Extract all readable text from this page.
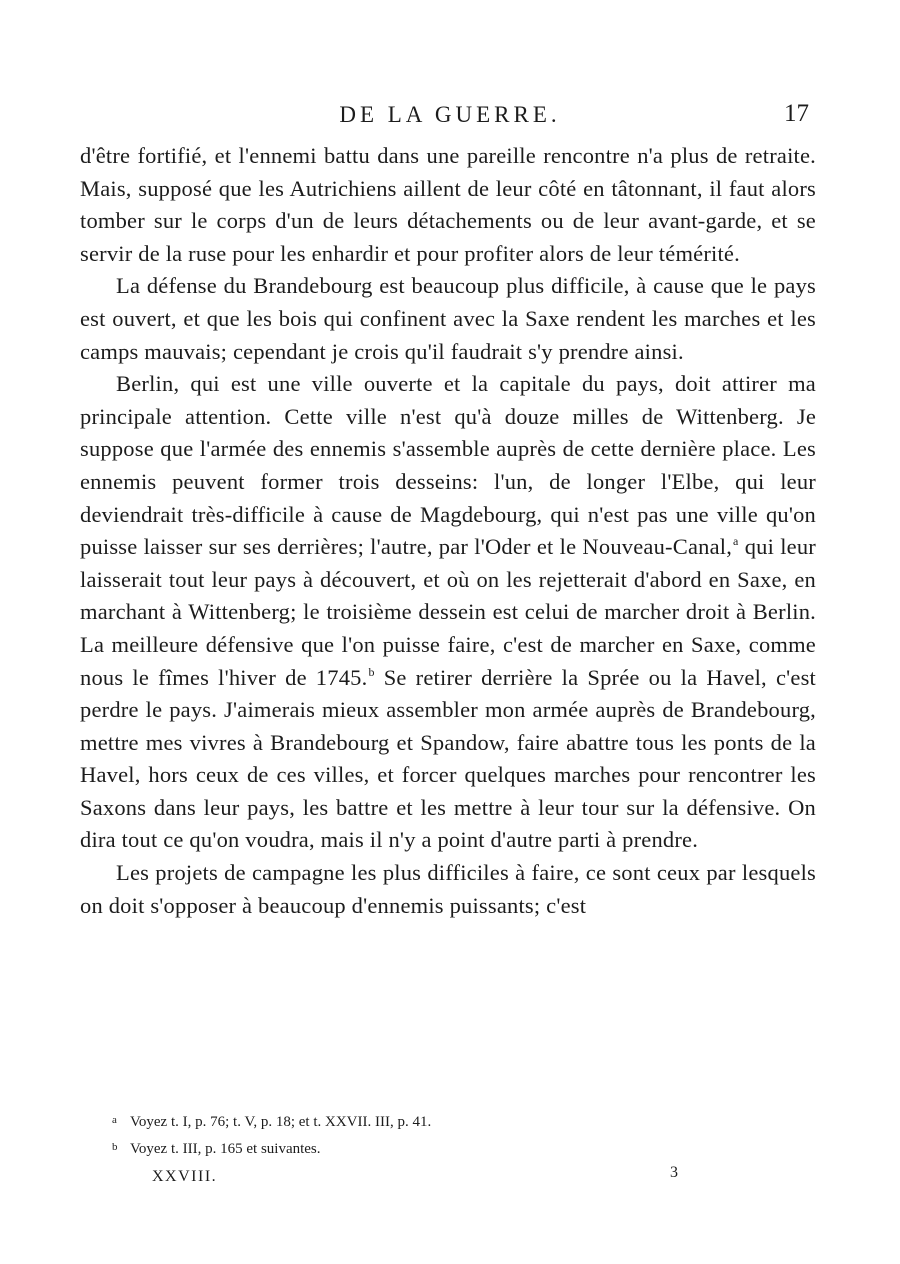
DE LA GUERRE.	17

d'être fortifié, et l'ennemi battu dans une pareille rencontre n'a plus de retraite. Mais, supposé que les Autrichiens aillent de leur côté en tâtonnant, il faut alors tomber sur le corps d'un de leurs détachements ou de leur avant-garde, et se servir de la ruse pour les enhardir et pour profiter alors de leur témérité.

La défense du Brandebourg est beaucoup plus difficile, à cause que le pays est ouvert, et que les bois qui confinent avec la Saxe rendent les marches et les camps mauvais; cependant je crois qu'il faudrait s'y prendre ainsi.

Berlin, qui est une ville ouverte et la capitale du pays, doit attirer ma principale attention. Cette ville n'est qu'à douze milles de Wittenberg. Je suppose que l'armée des ennemis s'assemble auprès de cette dernière place. Les ennemis peuvent former trois desseins: l'un, de longer l'Elbe, qui leur deviendrait très-difficile à cause de Magdebourg, qui n'est pas une ville qu'on puisse laisser sur ses derrières; l'autre, par l'Oder et le Nouveau-Canal,$^a$ qui leur laisserait tout leur pays à découvert, et où on les rejetterait d'abord en Saxe, en marchant à Wittenberg; le troisième dessein est celui de marcher droit à Berlin. La meilleure défensive que l'on puisse faire, c'est de marcher en Saxe, comme nous le fîmes l'hiver de 1745.$^b$ Se retirer derrière la Sprée ou la Havel, c'est perdre le pays. J'aimerais mieux assembler mon armée auprès de Brandebourg, mettre mes vivres à Brandebourg et Spandow, faire abattre tous les ponts de la Havel, hors ceux de ces villes, et forcer quelques marches pour rencontrer les Saxons dans leur pays, les battre et les mettre à leur tour sur la défensive. On dira tout ce qu'on voudra, mais il n'y a point d'autre parti à prendre.

Les projets de campagne les plus difficiles à faire, ce sont ceux par lesquels on doit s'opposer à beaucoup d'ennemis puissants; c'est

a Voyez t. I, p. 76; t. V, p. 18; et t. XXVII. III, p. 41.
b Voyez t. III, p. 165 et suivantes.
XXVIII.	3
